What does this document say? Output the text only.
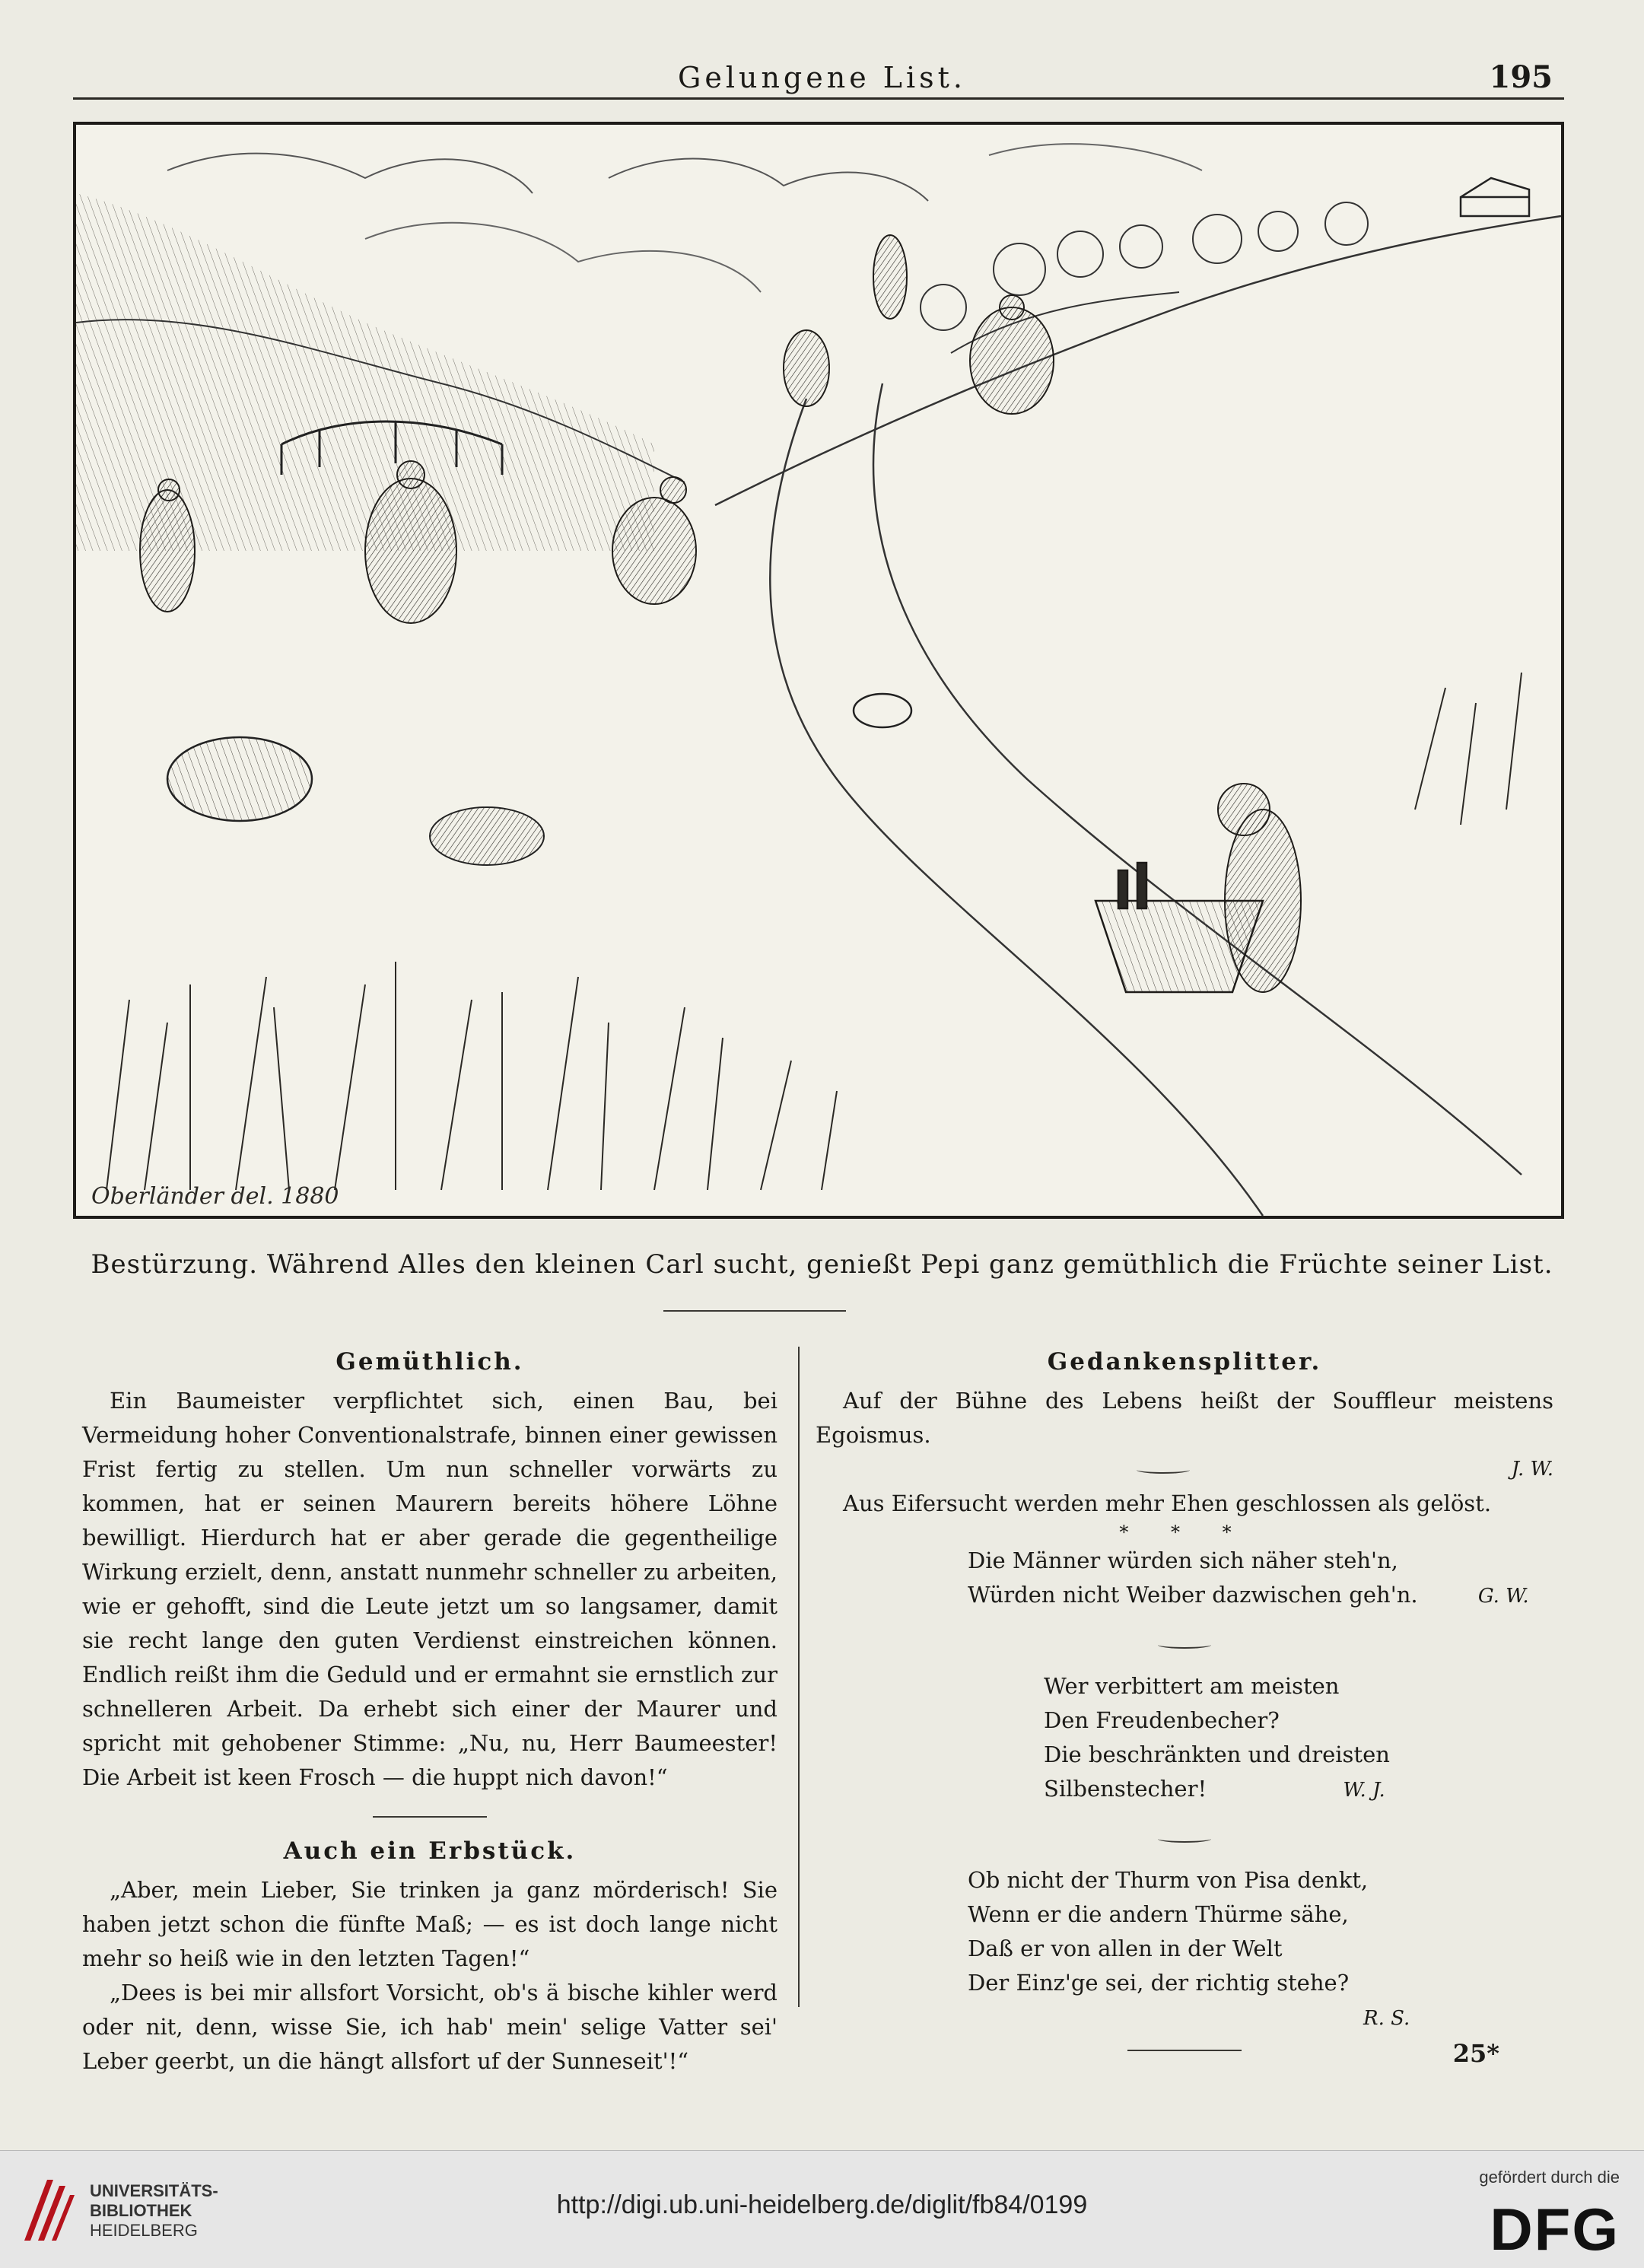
Gelungene List.	195
Oberländer del. 1880
Bestürzung. Während Alles den kleinen Carl sucht, genießt Pepi ganz gemüthlich die Früchte seiner List.
Gemüthlich.

Ein Baumeister verpflichtet sich, einen Bau, bei Vermeidung hoher Conventionalstrafe, binnen einer gewissen Frist fertig zu stellen. Um nun schneller vorwärts zu kommen, hat er seinen Maurern bereits höhere Löhne bewilligt. Hierdurch hat er aber gerade die gegentheilige Wirkung erzielt, denn, anstatt nunmehr schneller zu arbeiten, wie er gehofft, sind die Leute jetzt um so langsamer, damit sie recht lange den guten Verdienst einstreichen können. Endlich reißt ihm die Geduld und er ermahnt sie ernstlich zur schnelleren Arbeit. Da erhebt sich einer der Maurer und spricht mit gehobener Stimme: „Nu, nu, Herr Baumeester! Die Arbeit ist keen Frosch — die huppt nich davon!“

Auch ein Erbstück.

„Aber, mein Lieber, Sie trinken ja ganz mörderisch! Sie haben jetzt schon die fünfte Maß; — es ist doch lange nicht mehr so heiß wie in den letzten Tagen!“

„Dees is bei mir allsfort Vorsicht, ob's ä bische kihler werd oder nit, denn, wisse Sie, ich hab' mein' selige Vatter sei' Leber geerbt, un die hängt allsfort uf der Sunneseit'!“

Gedankensplitter.

Auf der Bühne des Lebens heißt der Souffleur meistens Egoismus.

J. W.

Aus Eifersucht werden mehr Ehen geschlossen als gelöst.

* * *
Die Männer würden sich näher steh'n,
Würden nicht Weiber dazwischen geh'n.	G. W.
Wer verbittert am meisten
Den Freudenbecher?
Die beschränkten und dreisten
Silbenstecher!	W. J.
Ob nicht der Thurm von Pisa denkt,
Wenn er die andern Thürme sähe,
Daß er von allen in der Welt
Der Einz'ge sei, der richtig stehe?
R. S.
25*
UNIVERSITÄTS-
BIBLIOTHEK
HEIDELBERG
http://digi.ub.uni-heidelberg.de/diglit/fb84/0199
gefördert durch die
DFG
